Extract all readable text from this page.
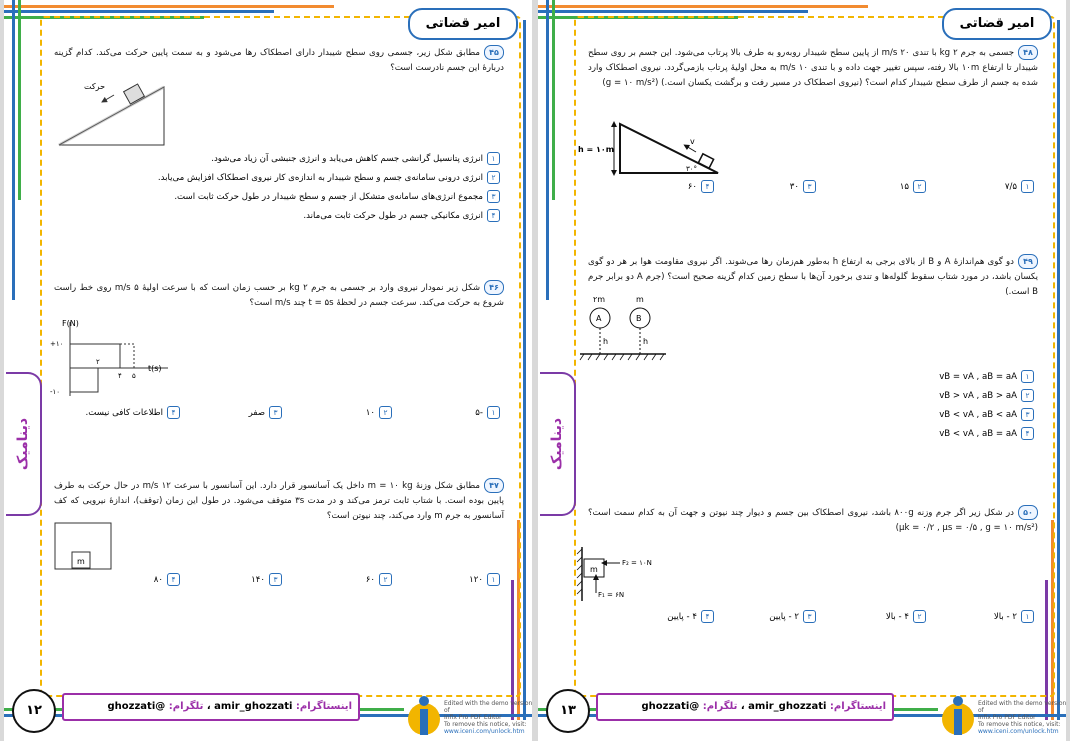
امیر قضاتی
دینامیک
۴۵مطابق شکل زیر، جسمی روی سطح شیبدار دارای اصطکاک رها می‌شود و به سمت پایین حرکت می‌کند. کدام گزینه دربارهٔ این جسم نادرست است؟
حرکت
۱انرژی پتانسیل گرانشی جسم کاهش می‌یابد و انرژی جنبشی آن زیاد می‌شود.
۲انرژی درونی سامانه‌ی جسم و سطح شیبدار به اندازه‌ی کار نیروی اصطکاک افزایش می‌یابد.
۳مجموع انرژی‌های سامانه‌ی متشکل از جسم و سطح شیبدار در طول حرکت ثابت است.
۴انرژی مکانیکی جسم در طول حرکت ثابت می‌ماند.
۴۶شکل زیر نمودار نیروی وارد بر جسمی به جرم ۲ kg بر حسب زمان است که با سرعت اولیهٔ ۵ m/s روی خط راست شروع به حرکت می‌کند. سرعت جسم در لحظهٔ t = ۵s چند m/s است؟
F(N)
t(s)
+۱۰
-۱۰
۲
۴ ۵
۱-۵
۲۱۰
۳صفر
۴اطلاعات کافی نیست.
۴۷مطابق شکل وزنهٔ m = ۱۰ kg داخل یک آسانسور قرار دارد. این آسانسور با سرعت ۱۲ m/s در حال حرکت به طرف پایین بوده است. با شتاب ثابت ترمز می‌کند و در مدت ۳s متوقف می‌شود. در طول این زمان (توقف)، اندازهٔ نیرویی که کف آسانسور به جرم m وارد می‌کند، چند نیوتن است؟
m
۱۱۲۰
۲۶۰
۳۱۴۰
۴۸۰
۱۲	اینستاگرام: amir_ghozzati ، تلگرام: @ghozzati	Edited with the demo version of
Infix Pro PDF Editor
To remove this notice, visit:
www.iceni.com/unlock.htm
امیر قضاتی
دینامیک
۴۸جسمی به جرم ۲ kg با تندی ۲۰ m/s از پایین سطح شیبدار روبه‌رو به طرف بالا پرتاب می‌شود. این جسم بر روی سطح شیبدار تا ارتفاع ۱۰m بالا رفته، سپس تغییر جهت داده و با تندی ۱۰ m/s به محل اولیهٔ پرتاب بازمی‌گردد. نیروی اصطکاک وارد شده به جسم از طرف سطح شیبدار کدام است؟ (نیروی اصطکاک در مسیر رفت و برگشت یکسان است.) (g = ۱۰ m/s²)
h = ۱۰m
v
۳۰°
۱۷/۵
۲۱۵
۳۳۰
۴۶۰
۴۹دو گوی هم‌اندازهٔ A و B از بالای برجی به ارتفاع h به‌طور هم‌زمان رها می‌شوند. اگر نیروی مقاومت هوا بر هر دو گوی یکسان باشد، در مورد شتاب سقوط گلوله‌ها و تندی برخورد آن‌ها با سطح زمین کدام گزینه صحیح است؟ (جرم A دو برابر جرم B است.)
۲m	m
A	B
h	h
۱vB = vA , aB = aA
۲vB > vA , aB > aA
۳vB < vA , aB < aA
۴vB < vA , aB = aA
۵۰در شکل زیر اگر جرم وزنه ۸۰۰g باشد، نیروی اصطکاک بین جسم و دیوار چند نیوتن و جهت آن به کدام سمت است؟ (μk = ۰/۲ , μs = ۰/۵ , g = ۱۰ m/s²)
m
F₂ = ۱۰N
F₁ = ۶N
۱۲ - بالا
۲۴ - بالا
۳۲ - پایین
۴۴ - پایین
۱۳	اینستاگرام: amir_ghozzati ، تلگرام: @ghozzati	Edited with the demo version of
Infix Pro PDF Editor
To remove this notice, visit:
www.iceni.com/unlock.htm
